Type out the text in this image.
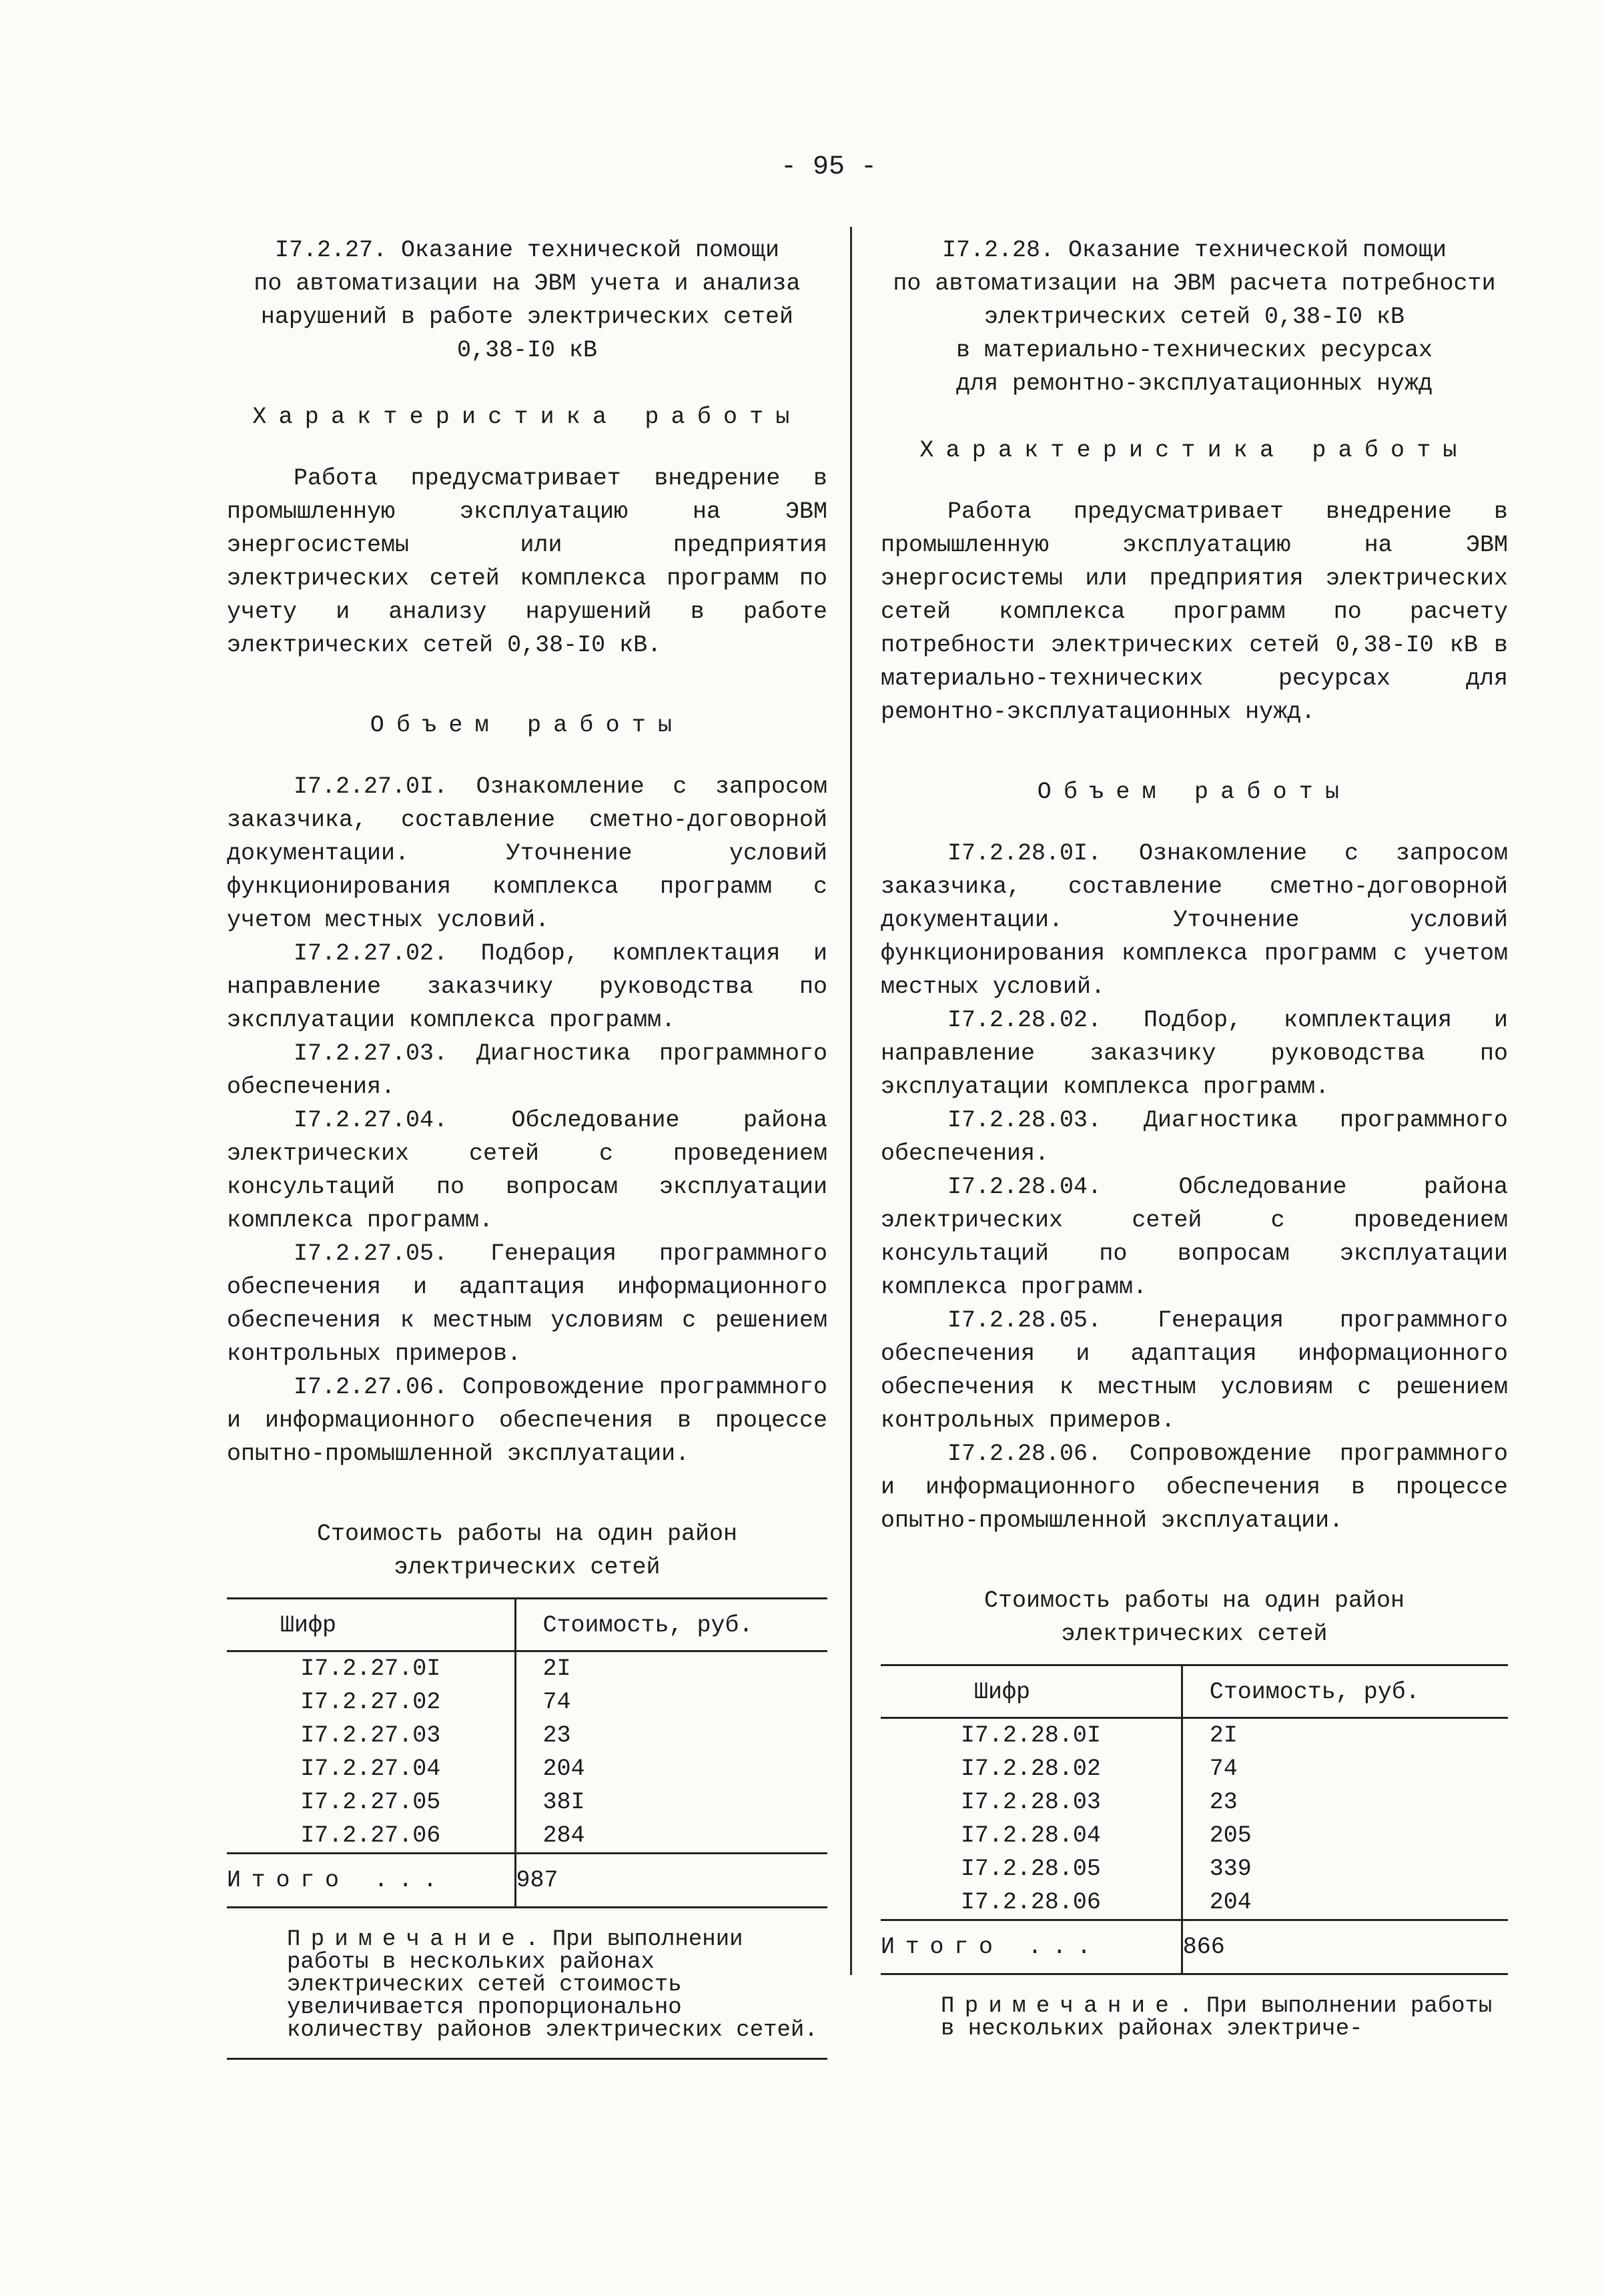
- 95 -
I7.2.27. Оказание технической помощи
по автоматизации на ЭВМ учета и анализа
нарушений в работе электрических сетей
0,38-I0 кВ
Характеристика работы

Работа предусматривает внедрение в промышленную эксплуатацию на ЭВМ энергосистемы или предприятия электрических сетей комплекса программ по учету и анализу нарушений в работе электрических сетей 0,38-I0 кВ.

Объем работы

I7.2.27.0I. Ознакомление с запросом заказчика, составление сметно-договорной документации. Уточнение условий функционирования комплекса программ с учетом местных условий.

I7.2.27.02. Подбор, комплектация и направление заказчику руководства по эксплуатации комплекса программ.

I7.2.27.03. Диагностика программного обеспечения.

I7.2.27.04. Обследование района электрических сетей с проведением консультаций по вопросам эксплуатации комплекса программ.

I7.2.27.05. Генерация программного обеспечения и адаптация информационного обеспечения к местным условиям с решением контрольных примеров.

I7.2.27.06. Сопровождение программного и информационного обеспечения в процессе опытно-промышленной эксплуатации.

Стоимость работы на один район
электрических сетей
Шифр	Стоимость, руб.
I7.2.27.0I	2I
I7.2.27.02	74
I7.2.27.03	23
I7.2.27.04	204
I7.2.27.05	38I
I7.2.27.06	284
Итого ...	987
Примечание. При выполнении работы в нескольких районах электрических сетей стоимость увеличивается пропорционально количеству районов электрических сетей.
I7.2.28. Оказание технической помощи
по автоматизации на ЭВМ расчета потребности
электрических сетей 0,38-I0 кВ
в материально-технических ресурсах
для ремонтно-эксплуатационных нужд
Характеристика работы

Работа предусматривает внедрение в промышленную эксплуатацию на ЭВМ энергосистемы или предприятия электрических сетей комплекса программ по расчету потребности электрических сетей 0,38-I0 кВ в материально-технических ресурсах для ремонтно-эксплуатационных нужд.

Объем работы

I7.2.28.0I. Ознакомление с запросом заказчика, составление сметно-договорной документации. Уточнение условий функционирования комплекса программ с учетом местных условий.

I7.2.28.02. Подбор, комплектация и направление заказчику руководства по эксплуатации комплекса программ.

I7.2.28.03. Диагностика программного обеспечения.

I7.2.28.04. Обследование района электрических сетей с проведением консультаций по вопросам эксплуатации комплекса программ.

I7.2.28.05. Генерация программного обеспечения и адаптация информационного обеспечения к местным условиям с решением контрольных примеров.

I7.2.28.06. Сопровождение программного и информационного обеспечения в процессе опытно-промышленной эксплуатации.

Стоимость работы на один район
электрических сетей
Шифр	Стоимость, руб.
I7.2.28.0I	2I
I7.2.28.02	74
I7.2.28.03	23
I7.2.28.04	205
I7.2.28.05	339
I7.2.28.06	204
Итого ...	866
Примечание. При выполнении работы в нескольких районах электриче-
